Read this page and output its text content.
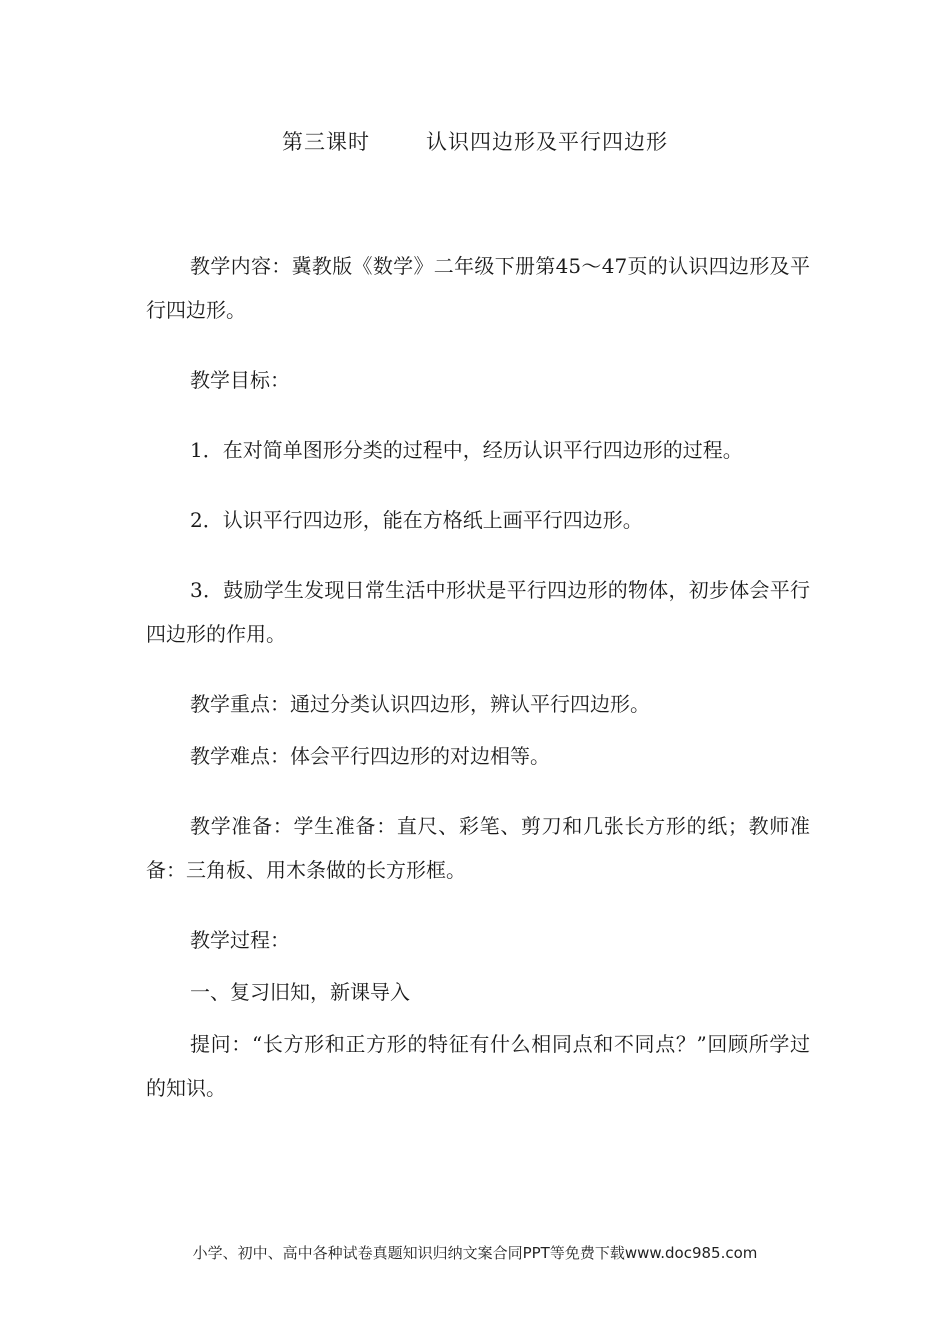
第三课时	认识四边形及平行四边形

教学内容：冀教版《数学》二年级下册第45～47页的认识四边形及平行四边形。

教学目标：

1．在对简单图形分类的过程中，经历认识平行四边形的过程。

2．认识平行四边形，能在方格纸上画平行四边形。

3．鼓励学生发现日常生活中形状是平行四边形的物体，初步体会平行四边形的作用。

教学重点：通过分类认识四边形，辨认平行四边形。

教学难点：体会平行四边形的对边相等。

教学准备：学生准备：直尺、彩笔、剪刀和几张长方形的纸；教师准备：三角板、用木条做的长方形框。

教学过程：

一、复习旧知，新课导入

提问：“长方形和正方形的特征有什么相同点和不同点？”回顾所学过的知识。

小学、初中、高中各种试卷真题知识归纳文案合同PPT等免费下载www.doc985.com
